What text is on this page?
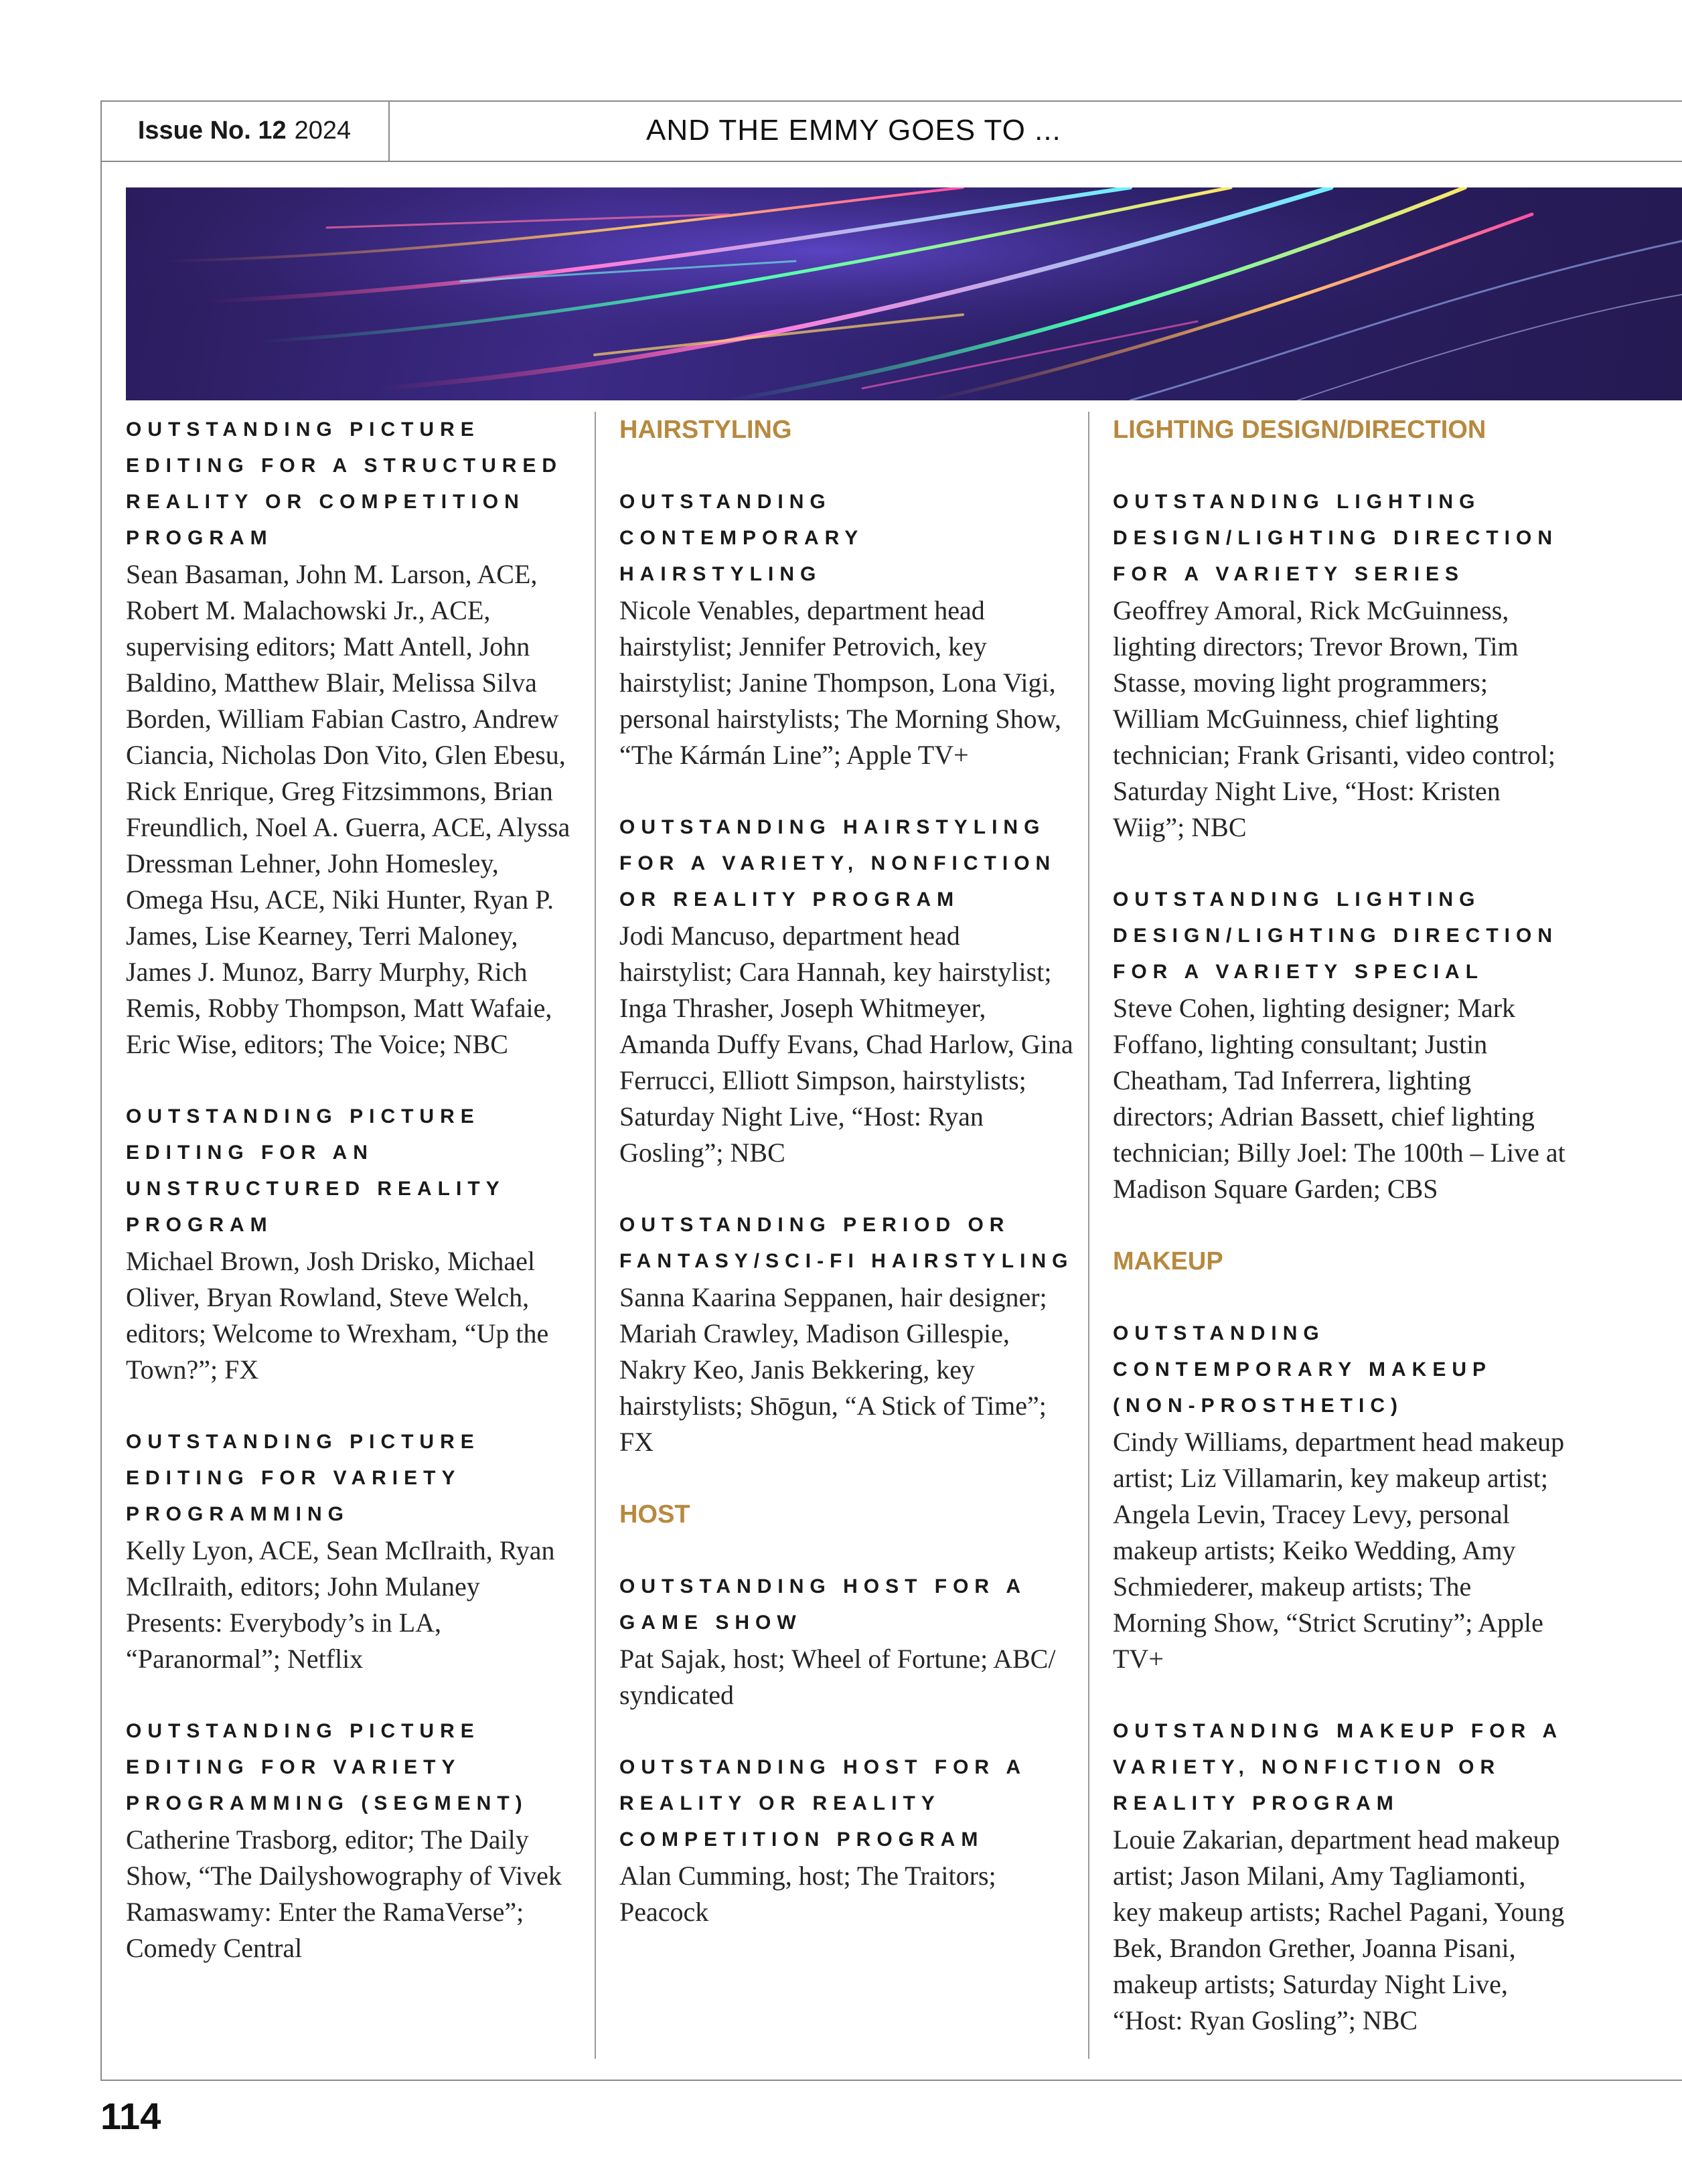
Issue No. 12 2024	AND THE EMMY GOES TO ...

OUTSTANDING PICTURE EDITING FOR A STRUCTURED REALITY OR COMPETITION PROGRAM

Sean Basaman, John M. Larson, ACE, Robert M. Malachowski Jr., ACE, supervising editors; Matt Antell, John Baldino, Matthew Blair, Melissa Silva Borden, William Fabian Castro, Andrew Ciancia, Nicholas Don Vito, Glen Ebesu, Rick Enrique, Greg Fitzsimmons, Brian Freundlich, Noel A. Guerra, ACE, Alyssa Dressman Lehner, John Homesley, Omega Hsu, ACE, Niki Hunter, Ryan P. James, Lise Kearney, Terri Maloney, James J. Munoz, Barry Murphy, Rich Remis, Robby Thompson, Matt Wafaie, Eric Wise, editors; The Voice; NBC

OUTSTANDING PICTURE EDITING FOR AN UNSTRUCTURED REALITY PROGRAM

Michael Brown, Josh Drisko, Michael Oliver, Bryan Rowland, Steve Welch, editors; Welcome to Wrexham, “Up the Town?”; FX

OUTSTANDING PICTURE EDITING FOR VARIETY PROGRAMMING

Kelly Lyon, ACE, Sean McIlraith, Ryan McIlraith, editors; John Mulaney Presents: Everybody’s in LA, “Paranormal”; Netflix

OUTSTANDING PICTURE EDITING FOR VARIETY PROGRAMMING (SEGMENT)

Catherine Trasborg, editor; The Daily Show, “The Dailyshowography of Vivek Ramaswamy: Enter the RamaVerse”; Comedy Central

HAIRSTYLING

OUTSTANDING CONTEMPORARY HAIRSTYLING

Nicole Venables, department head hairstylist; Jennifer Petrovich, key hairstylist; Janine Thompson, Lona Vigi, personal hairstylists; The Morning Show, “The Kármán Line”; Apple TV+

OUTSTANDING HAIRSTYLING FOR A VARIETY, NONFICTION OR REALITY PROGRAM

Jodi Mancuso, department head hairstylist; Cara Hannah, key hairstylist; Inga Thrasher, Joseph Whitmeyer, Amanda Duffy Evans, Chad Harlow, Gina Ferrucci, Elliott Simpson, hairstylists; Saturday Night Live, “Host: Ryan Gosling”; NBC

OUTSTANDING PERIOD OR FANTASY/SCI-FI HAIRSTYLING

Sanna Kaarina Seppanen, hair designer; Mariah Crawley, Madison Gillespie, Nakry Keo, Janis Bekkering, key hairstylists; Shōgun, “A Stick of Time”; FX

HOST

OUTSTANDING HOST FOR A GAME SHOW

Pat Sajak, host; Wheel of Fortune; ABC/ syndicated

OUTSTANDING HOST FOR A REALITY OR REALITY COMPETITION PROGRAM

Alan Cumming, host; The Traitors; Peacock

LIGHTING DESIGN/DIRECTION

OUTSTANDING LIGHTING DESIGN/LIGHTING DIRECTION FOR A VARIETY SERIES

Geoffrey Amoral, Rick McGuinness, lighting directors; Trevor Brown, Tim Stasse, moving light programmers; William McGuinness, chief lighting technician; Frank Grisanti, video control; Saturday Night Live, “Host: Kristen Wiig”; NBC

OUTSTANDING LIGHTING DESIGN/LIGHTING DIRECTION FOR A VARIETY SPECIAL

Steve Cohen, lighting designer; Mark Foffano, lighting consultant; Justin Cheatham, Tad Inferrera, lighting directors; Adrian Bassett, chief lighting technician; Billy Joel: The 100th – Live at Madison Square Garden; CBS

MAKEUP

OUTSTANDING CONTEMPORARY MAKEUP (NON-PROSTHETIC)

Cindy Williams, department head makeup artist; Liz Villamarin, key makeup artist; Angela Levin, Tracey Levy, personal makeup artists; Keiko Wedding, Amy Schmiederer, makeup artists; The Morning Show, “Strict Scrutiny”; Apple TV+

OUTSTANDING MAKEUP FOR A VARIETY, NONFICTION OR REALITY PROGRAM

Louie Zakarian, department head makeup artist; Jason Milani, Amy Tagliamonti, key makeup artists; Rachel Pagani, Young Bek, Brandon Grether, Joanna Pisani, makeup artists; Saturday Night Live, “Host: Ryan Gosling”; NBC

114
